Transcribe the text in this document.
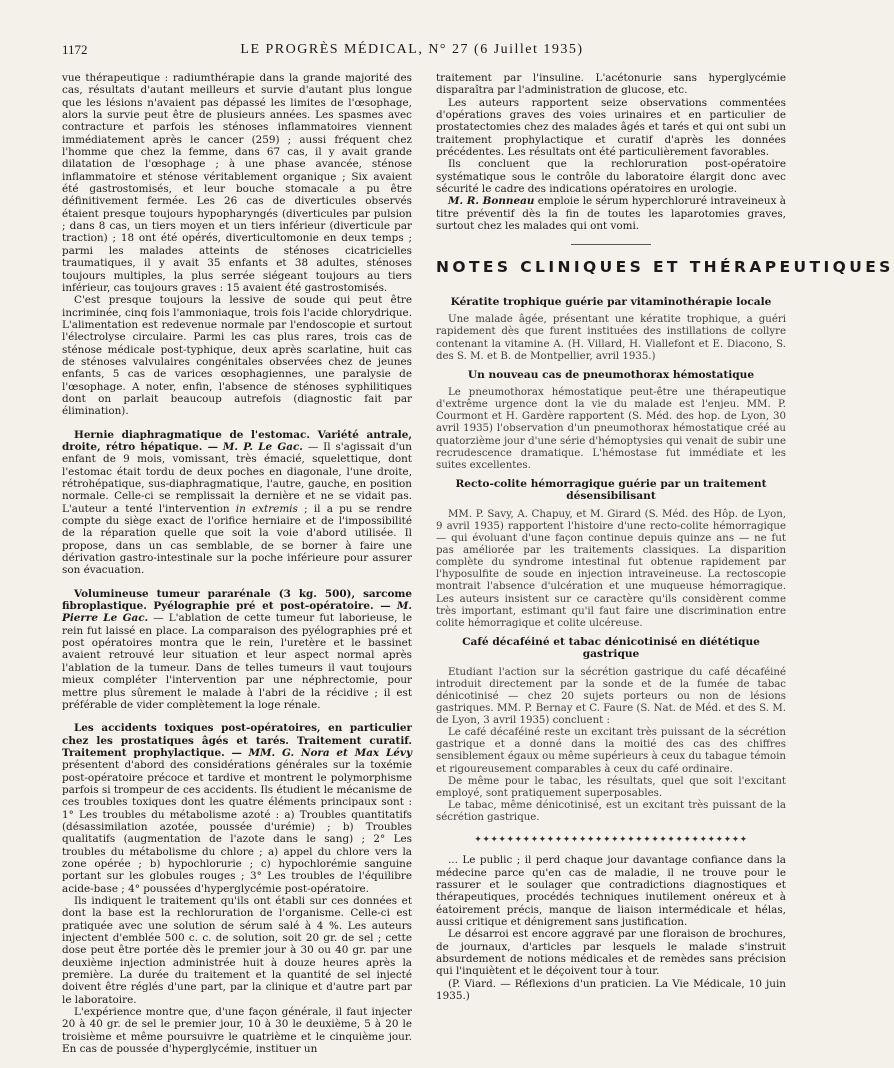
1172	LE PROGRÈS MÉDICAL, N° 27 (6 Juillet 1935)

vue thérapeutique : radiumthérapie dans la grande majorité des cas, résultats d'autant meilleurs et survie d'autant plus longue que les lésions n'avaient pas dépassé les limites de l'œsophage, alors la survie peut être de plusieurs années. Les spasmes avec contracture et parfois les sténoses inflammatoires viennent immédiatement après le cancer (259) ; aussi fréquent chez l'homme que chez la femme, dans 67 cas, il y avait grande dilatation de l'œsophage ; à une phase avancée, sténose inflammatoire et sténose véritablement organique ; Six avaient été gastrostomisés, et leur bouche stomacale a pu être définitivement fermée. Les 26 cas de diverticules observés étaient presque toujours hypopharyngés (diverticules par pulsion ; dans 8 cas, un tiers moyen et un tiers inférieur (diverticule par traction) ; 18 ont été opérés, diverticultomonie en deux temps ; parmi les malades atteints de sténoses cicatricielles traumatiques, il y avait 35 enfants et 38 adultes, sténoses toujours multiples, la plus serrée siégeant toujours au tiers inférieur, cas toujours graves : 15 avaient été gastrostomisés.

C'est presque toujours la lessive de soude qui peut être incriminée, cinq fois l'ammoniaque, trois fois l'acide chlorydrique. L'alimentation est redevenue normale par l'endoscopie et surtout l'électrolyse circulaire. Parmi les cas plus rares, trois cas de sténose médicale post-typhique, deux après scarlatine, huit cas de sténoses valvulaires congénitales observées chez de jeunes enfants, 5 cas de varices œsophagiennes, une paralysie de l'œsophage. A noter, enfin, l'absence de sténoses syphilitiques dont on parlait beaucoup autrefois (diagnostic fait par élimination).

Hernie diaphragmatique de l'estomac. Variété antrale, droite, rétro hépatique. — M. P. Le Gac. — Il s'agissait d'un enfant de 9 mois, vomissant, très émacié, squelettique, dont l'estomac était tordu de deux poches en diagonale, l'une droite, rétrohépatique, sus-diaphragmatique, l'autre, gauche, en position normale. Celle-ci se remplissait la dernière et ne se vidait pas. L'auteur a tenté l'intervention in extremis ; il a pu se rendre compte du siège exact de l'orifice herniaire et de l'impossibilité de la réparation quelle que soit la voie d'abord utilisée. Il propose, dans un cas semblable, de se borner à faire une dérivation gastro-intestinale sur la poche inférieure pour assurer son évacuation.

Volumineuse tumeur pararénale (3 kg. 500), sarcome fibroplastique. Pyélographie pré et post-opératoire. — M. Pierre Le Gac. — L'ablation de cette tumeur fut laborieuse, le rein fut laissé en place. La comparaison des pyélographies pré et post opératoires montra que le rein, l'uretère et le bassinet avaient retrouvé leur situation et leur aspect normal après l'ablation de la tumeur. Dans de telles tumeurs il vaut toujours mieux compléter l'intervention par une néphrectomie, pour mettre plus sûrement le malade à l'abri de la récidive ; il est préférable de vider complètement la loge rénale.

Les accidents toxiques post-opératoires, en particulier chez les prostatiques âgés et tarés. Traitement curatif. Traitement prophylactique. — MM. G. Nora et Max Lévy présentent d'abord des considérations générales sur la toxémie post-opératoire précoce et tardive et montrent le polymorphisme parfois si trompeur de ces accidents. Ils étudient le mécanisme de ces troubles toxiques dont les quatre éléments principaux sont : 1° Les troubles du métabolisme azoté : a) Troubles quantitatifs (désassimilation azotée, poussée d'urémie) ; b) Troubles qualitatifs (augmentation de l'azote dans le sang) ; 2° Les troubles du métabolisme du chlore ; a) appel du chlore vers la zone opérée ; b) hypochlorurie ; c) hypochlorémie sanguine portant sur les globules rouges ; 3° Les troubles de l'équilibre acide-base ; 4° poussées d'hyperglycémie post-opératoire.

Ils indiquent le traitement qu'ils ont établi sur ces données et dont la base est la rechloruration de l'organisme. Celle-ci est pratiquée avec une solution de sérum salé à 4 %. Les auteurs injectent d'emblée 500 c. c. de solution, soit 20 gr. de sel ; cette dose peut être portée dès le premier jour à 30 ou 40 gr. par une deuxième injection administrée huit à douze heures après la première. La durée du traitement et la quantité de sel injecté doivent être réglés d'une part, par la clinique et d'autre part par le laboratoire.

L'expérience montre que, d'une façon générale, il faut injecter 20 à 40 gr. de sel le premier jour, 10 à 30 le deuxième, 5 à 20 le troisième et même poursuivre le quatrième et le cinquième jour. En cas de poussée d'hyperglycémie, instituer un

traitement par l'insuline. L'acétonurie sans hyperglycémie disparaîtra par l'administration de glucose, etc.

Les auteurs rapportent seize observations commentées d'opérations graves des voies urinaires et en particulier de prostatectomies chez des malades âgés et tarés et qui ont subi un traitement prophylactique et curatif d'après les données précédentes. Les résultats ont été particulièrement favorables.

Ils concluent que la rechloruration post-opératoire systématique sous le contrôle du laboratoire élargit donc avec sécurité le cadre des indications opératoires en urologie.

M. R. Bonneau emploie le sérum hyperchloruré intraveineux à titre préventif dès la fin de toutes les laparotomies graves, surtout chez les malades qui ont vomi.

NOTES CLINIQUES ET THÉRAPEUTIQUES
Kératite trophique guérie par vitaminothérapie locale

Une malade âgée, présentant une kératite trophique, a guéri rapidement dès que furent instituées des instillations de collyre contenant la vitamine A. (H. Villard, H. Viallefont et E. Diacono, S. des S. M. et B. de Montpellier, avril 1935.)

Un nouveau cas de pneumothorax hémostatique

Le pneumothorax hémostatique peut-être une thérapeutique d'extrême urgence dont la vie du malade est l'enjeu. MM. P. Courmont et H. Gardère rapportent (S. Méd. des hop. de Lyon, 30 avril 1935) l'observation d'un pneumothorax hémostatique créé au quatorzième jour d'une série d'hémoptysies qui venait de subir une recrudescence dramatique. L'hémostase fut immédiate et les suites excellentes.

Recto-colite hémorragique guérie par un traitement désensibilisant

MM. P. Savy, A. Chapuy, et M. Girard (S. Méd. des Hôp. de Lyon, 9 avril 1935) rapportent l'histoire d'une recto-colite hémorragique — qui évoluant d'une façon continue depuis quinze ans — ne fut pas améliorée par les traitements classiques. La disparition complète du syndrome intestinal fut obtenue rapidement par l'hyposulfite de soude en injection intraveineuse. La rectoscopie montrait l'absence d'ulcération et une muqueuse hémorragique. Les auteurs insistent sur ce caractère qu'ils considèrent comme très important, estimant qu'il faut faire une discrimination entre colite hémorragique et colite ulcéreuse.

Café décaféiné et tabac dénicotinisé en diététique gastrique

Etudiant l'action sur la sécrétion gastrique du café décaféiné introduit directement par la sonde et de la fumée de tabac dénicotinisé — chez 20 sujets porteurs ou non de lésions gastriques. MM. P. Bernay et C. Faure (S. Nat. de Méd. et des S. M. de Lyon, 3 avril 1935) concluent :

Le café décaféiné reste un excitant très puissant de la sécrétion gastrique et a donné dans la moitié des cas des chiffres sensiblement égaux ou même supérieurs à ceux du tabague témoin et rigoureusement comparables à ceux du café ordinaire.

De même pour le tabac, les résultats, quel que soit l'excitant employé, sont pratiquement superposables.

Le tabac, même dénicotinisé, est un excitant très puissant de la sécrétion gastrique.

✦✦✦✦✦✦✦✦✦✦✦✦✦✦✦✦✦✦✦✦✦✦✦✦✦✦✦✦✦✦✦✦✦✦

... Le public ; il perd chaque jour davantage confiance dans la médecine parce qu'en cas de maladie, il ne trouve pour le rassurer et le soulager que contradictions diagnostiques et thérapeutiques, procédés techniques inutilement onéreux et à éatoirement précis, manque de liaison intermédicale et hélas, aussi critique et dénigrement sans justification.

Le désarroi est encore aggravé par une floraison de brochures, de journaux, d'articles par lesquels le malade s'instruit absurdement de notions médicales et de remèdes sans précision qui l'inquiètent et le déçoivent tour à tour.

(P. Viard. — Réflexions d'un praticien. La Vie Médicale, 10 juin 1935.)
